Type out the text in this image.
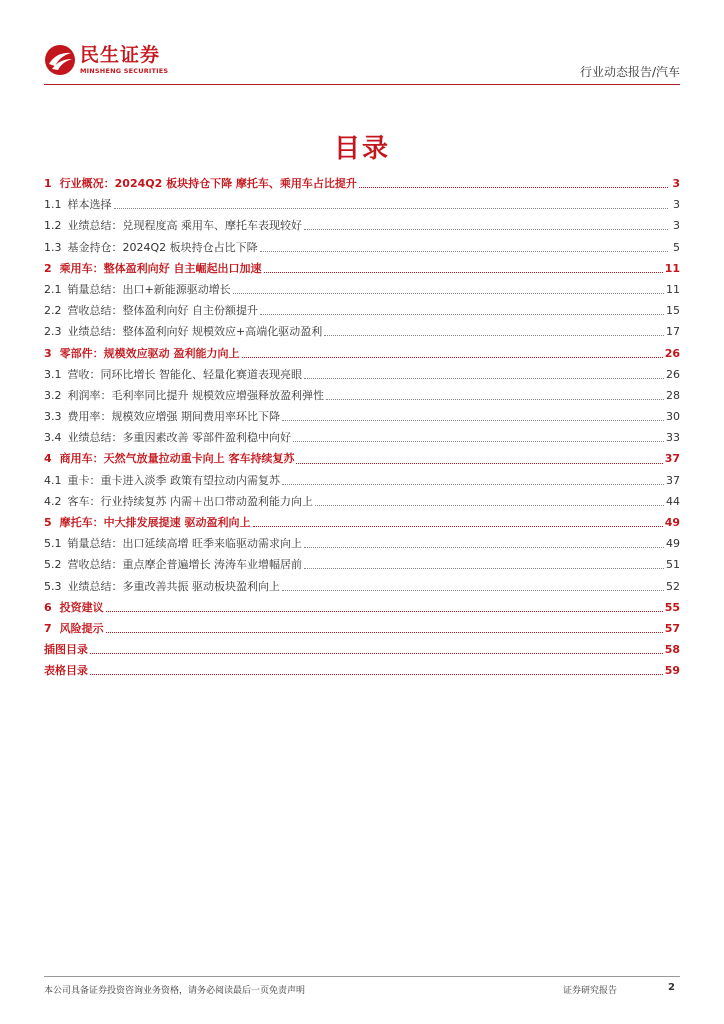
民生证券
MINSHENG SECURITIES	行业动态报告/汽车
目录
1 行业概况：2024Q2 板块持仓下降 摩托车、乘用车占比提升	3
1.1 样本选择	3
1.2 业绩总结：兑现程度高 乘用车、摩托车表现较好	3
1.3 基金持仓：2024Q2 板块持仓占比下降	5
2 乘用车：整体盈利向好 自主崛起出口加速	11
2.1 销量总结：出口+新能源驱动增长	11
2.2 营收总结：整体盈利向好 自主份额提升	15
2.3 业绩总结：整体盈利向好 规模效应+高端化驱动盈利	17
3 零部件：规模效应驱动 盈利能力向上	26
3.1 营收：同环比增长 智能化、轻量化赛道表现亮眼	26
3.2 利润率：毛利率同比提升 规模效应增强释放盈利弹性	28
3.3 费用率：规模效应增强 期间费用率环比下降	30
3.4 业绩总结：多重因素改善 零部件盈利稳中向好	33
4 商用车：天然气放量拉动重卡向上 客车持续复苏	37
4.1 重卡：重卡进入淡季 政策有望拉动内需复苏	37
4.2 客车：行业持续复苏 内需＋出口带动盈利能力向上	44
5 摩托车：中大排发展提速 驱动盈利向上	49
5.1 销量总结：出口延续高增 旺季来临驱动需求向上	49
5.2 营收总结：重点摩企普遍增长 涛涛车业增幅居前	51
5.3 业绩总结：多重改善共振 驱动板块盈利向上	52
6 投资建议	55
7 风险提示	57
插图目录	58
表格目录	59
本公司具备证券投资咨询业务资格，请务必阅读最后一页免责声明	证券研究报告	2
